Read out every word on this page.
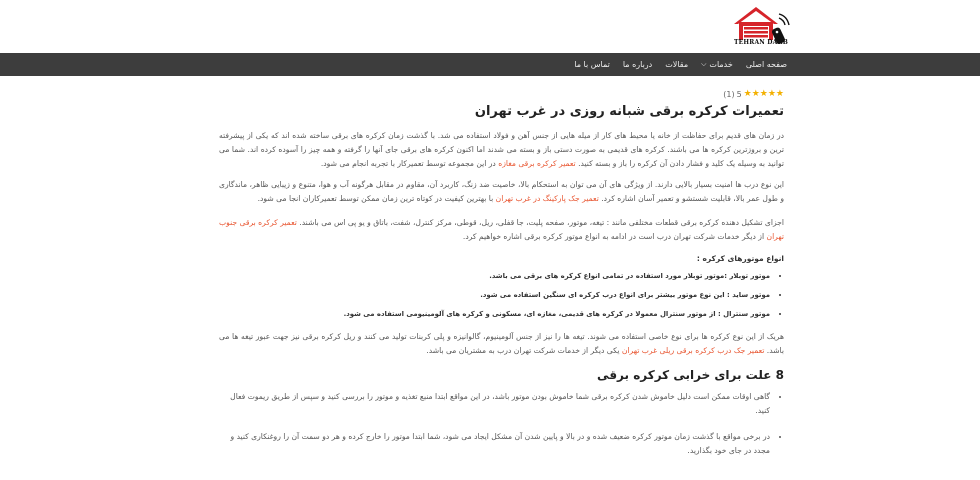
TEHRAN DARB
صفحه اصلی
خدمات
⌵
مقالات
درباره ما
تماس با ما
★★★★★
5
(1)
تعمیرات کرکره برقی شبانه روزی در غرب تهران

در زمان های قدیم برای حفاظت از خانه یا محیط های کار از میله هایی از جنس آهن و فولاد استفاده می شد. با گذشت زمان کرکره های برقی ساخته شده اند که یکی از پیشرفته ترین و بروزترین کرکره ها می باشند. کرکره های قدیمی به صورت دستی باز و بسته می شدند اما اکنون کرکره های برقی جای آنها را گرفته و همه چیز را آسوده کرده اند. شما می توانید به وسیله یک کلید و فشار دادن آن کرکره را باز و بسته کنید. تعمیر کرکره برقی مغازه در این مجموعه توسط تعمیرکار با تجربه انجام می شود.

این نوع درب ها امنیت بسیار بالایی دارند. از ویژگی های آن می توان به استحکام بالا، خاصیت ضد زنگ، کاربرد آن، مقاوم در مقابل هرگونه آب و هوا، متنوع و زیبایی ظاهر، ماندگاری و طول عمر بالا، قابلیت شستشو و تعمیر آسان اشاره کرد. تعمیر جک پارکینگ در غرب تهران با بهترین کیفیت در کوتاه ترین زمان ممکن توسط تعمیرکاران انجا می شود.

اجزای تشکیل دهنده کرکره برقی قطعات مختلفی مانند : تیغه، موتور، صفحه پلیت، جا قفلی، ریل، قوطی، مرکز کنترل، شفت، باتاق و یو پی اس می باشند. تعمیر کرکره برقی جنوب تهران از دیگر خدمات شرکت تهران درب است در ادامه به انواع موتور کرکره برقی اشاره خواهیم کرد.

انواع موتورهای کرکره :
• موتور توبلار :موتور توبلار مورد استفاده در تمامی انواع کرکره های برقی می باشد.
• موتور ساید : این نوع موتور بیشتر برای انواع درب کرکره ای سنگین استفاده می شود.
• موتور سنترال : از موتور سنترال معمولا در کرکره های قدیمی، مغازه ای، مسکونی و کرکره های آلومینیومی استفاده می شود.

هریک از این نوع کرکره ها برای نوع خاصی استفاده می شوند. تیغه ها را نیز از جنس آلومینیوم، گالوانیزه و پلی کربنات تولید می کنند و ریل کرکره برقی نیز جهت عبور تیغه ها می باشد. تعمیر جک درب کرکره برقی ریلی غرب تهران یکی دیگر از خدمات شرکت تهران درب به مشتریان می باشد.

8 علت برای خرابی کرکره برقی
• گاهی اوقات ممکن است دلیل خاموش شدن کرکره برقی شما خاموش بودن موتور باشد، در این مواقع ابتدا منبع تغذیه و موتور را بررسی کنید و سپس از طریق ریموت فعال کنید.
• در برخی مواقع با گذشت زمان موتور کرکره ضعیف شده و در بالا و پایین شدن آن مشکل ایجاد می شود، شما ابتدا موتور را خارج کرده و هر دو سمت آن را روغنکاری کنید و مجدد در جای خود بگذارید.
